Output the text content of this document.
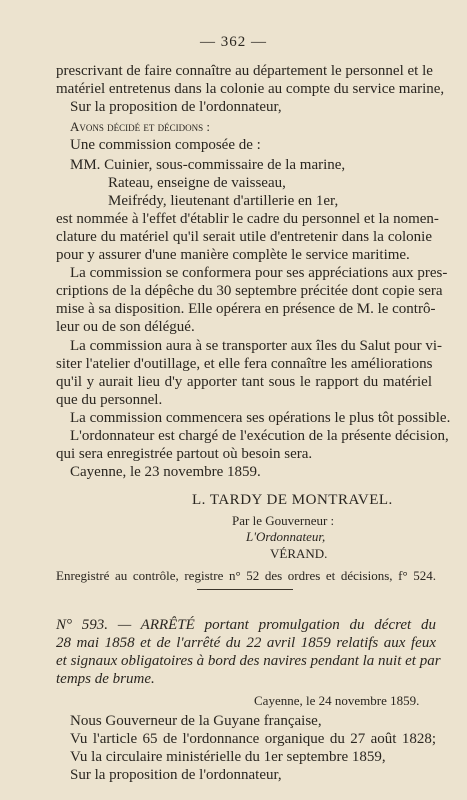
— 362 —
prescrivant de faire connaître au département le personnel et le
matériel entretenus dans la colonie au compte du service marine,
Sur la proposition de l'ordonnateur,
Avons décidé et décidons :
Une commission composée de :
MM. Cuinier, sous-commissaire de la marine,
Rateau, enseigne de vaisseau,
Meifrédy, lieutenant d'artillerie en 1er,
est nommée à l'effet d'établir le cadre du personnel et la nomen-
clature du matériel qu'il serait utile d'entretenir dans la colonie
pour y assurer d'une manière complète le service maritime.
La commission se conformera pour ses appréciations aux pres-
criptions de la dépêche du 30 septembre précitée dont copie sera
mise à sa disposition. Elle opérera en présence de M. le contrô-
leur ou de son délégué.
La commission aura à se transporter aux îles du Salut pour vi-
siter l'atelier d'outillage, et elle fera connaître les améliorations
qu'il y aurait lieu d'y apporter tant sous le rapport du matériel
que du personnel.
La commission commencera ses opérations le plus tôt possible.
L'ordonnateur est chargé de l'exécution de la présente décision,
qui sera enregistrée partout où besoin sera.
Cayenne, le 23 novembre 1859.
L. TARDY DE MONTRAVEL.
Par le Gouverneur :
L'Ordonnateur,
VÉRAND.
Enregistré au contrôle, registre n° 52 des ordres et décisions, f° 524.
N° 593. — ARRÊTÉ portant promulgation du décret du
28 mai 1858 et de l'arrêté du 22 avril 1859 relatifs aux feux
et signaux obligatoires à bord des navires pendant la nuit et par
temps de brume.
Cayenne, le 24 novembre 1859.
Nous Gouverneur de la Guyane française,
Vu l'article 65 de l'ordonnance organique du 27 août 1828;
Vu la circulaire ministérielle du 1er septembre 1859,
Sur la proposition de l'ordonnateur,
